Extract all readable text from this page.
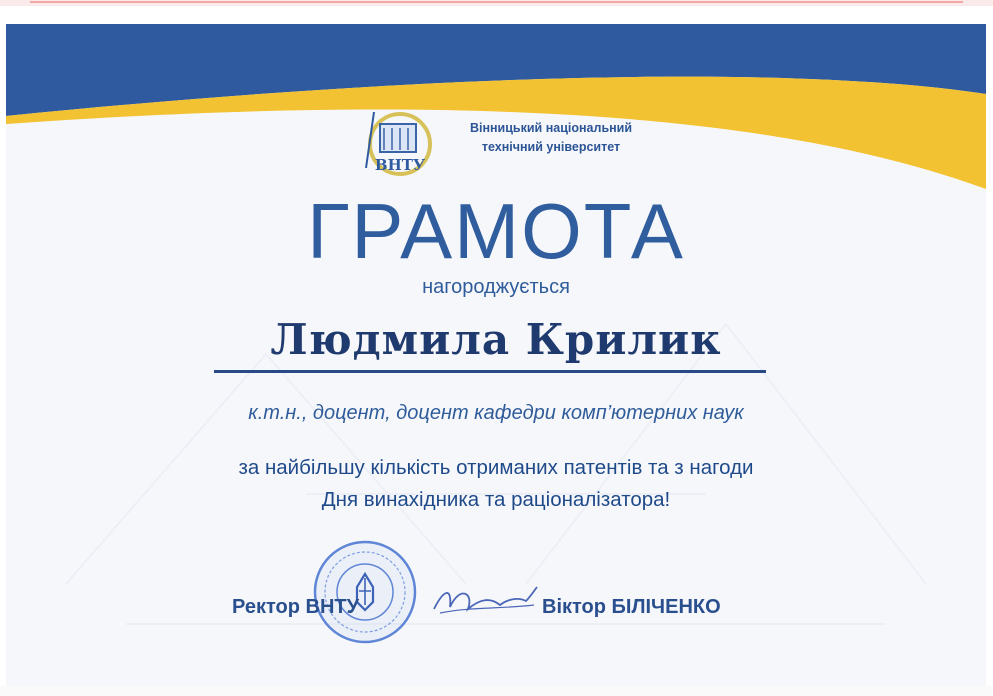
ВНТУ
Вінницький національний
технічний університет
ГРАМОТА
нагороджується
Людмила Крилик
к.т.н., доцент, доцент кафедри комп’ютерних наук
за найбільшу кількість отриманих патентів та з нагоди
Дня винахідника та раціоналізатора!
Ректор ВНТУ	Віктор БІЛІЧЕНКО
